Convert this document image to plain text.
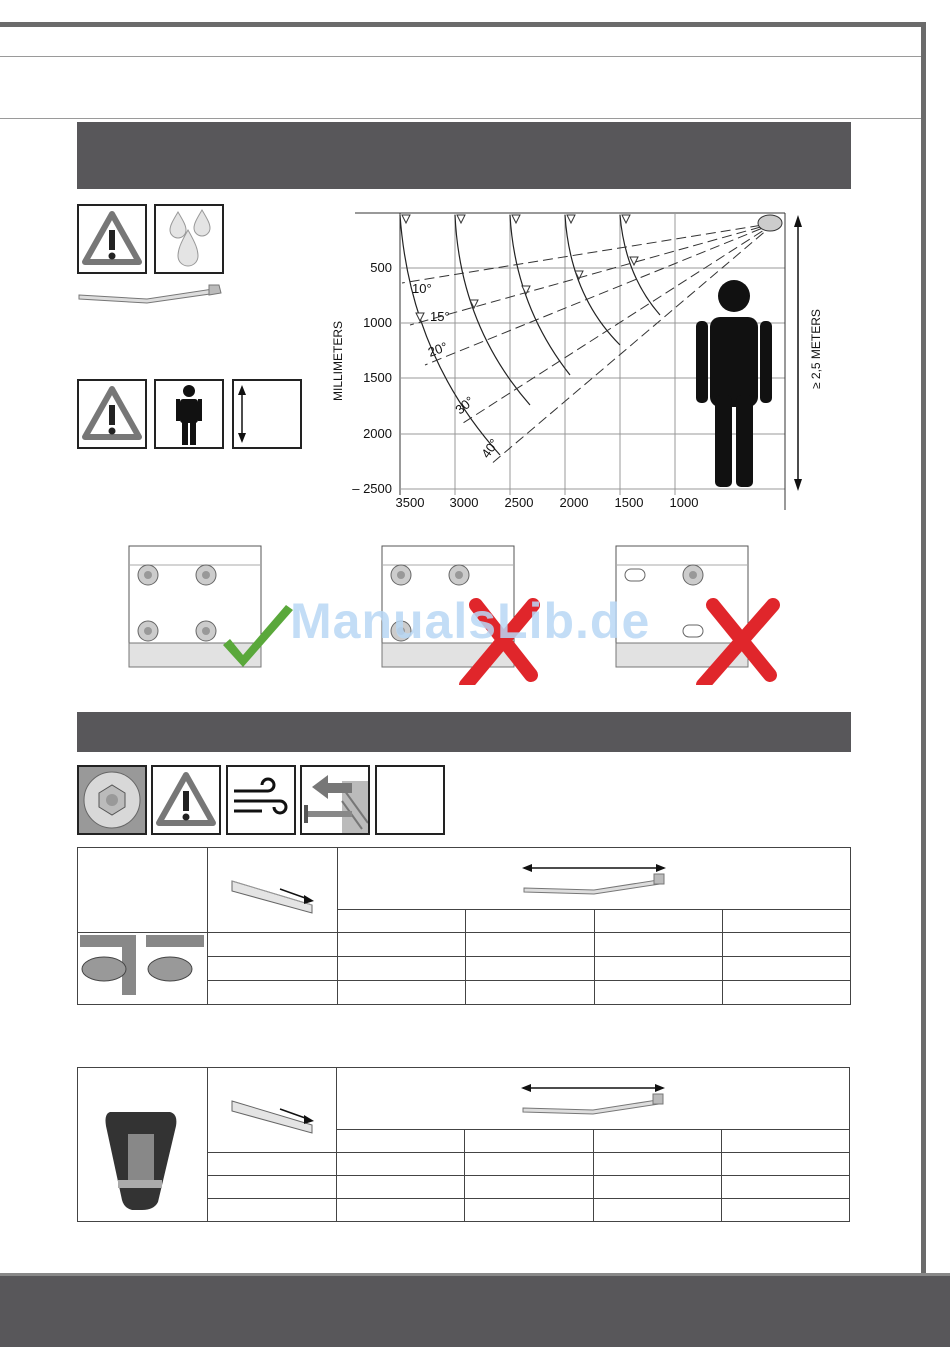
MILLIMETERS	≥ 2,5 METERS
500
1000
1500
2000
– 2500
3500 3000 2500 2000 1500 1000
10°
15°
20°
30°
40°
ManualsLib.de
